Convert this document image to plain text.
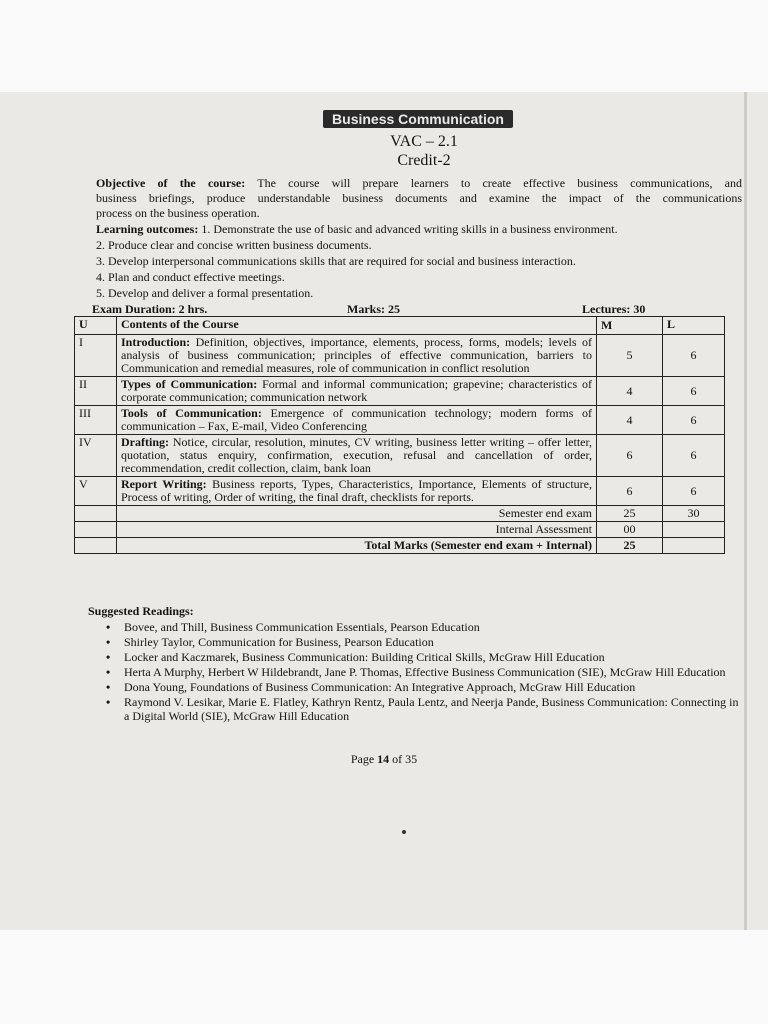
Business Communication
VAC – 2.1
Credit-2
Objective of the course: The course will prepare learners to create effective business communications, and
business briefings, produce understandable business documents and examine the impact of the communications
process on the business operation.
Learning outcomes: 1. Demonstrate the use of basic and advanced writing skills in a business environment.
2. Produce clear and concise written business documents.
3. Develop interpersonal communications skills that are required for social and business interaction.
4. Plan and conduct effective meetings.
5. Develop and deliver a formal presentation.
Exam Duration: 2 hrs.	Marks: 25	Lectures: 30
U	Contents of the Course	M	L
I	Introduction: Definition, objectives, importance, elements, process, forms, models; levels of analysis of business communication; principles of effective communication, barriers to Communication and remedial measures, role of communication in conflict resolution	5	6
II	Types of Communication: Formal and informal communication; grapevine; characteristics of corporate communication; communication network	4	6
III	Tools of Communication: Emergence of communication technology; modern forms of communication – Fax, E-mail, Video Conferencing	4	6
IV	Drafting: Notice, circular, resolution, minutes, CV writing, business letter writing – offer letter, quotation, status enquiry, confirmation, execution, refusal and cancellation of order, recommendation, credit collection, claim, bank loan	6	6
V	Report Writing: Business reports, Types, Characteristics, Importance, Elements of structure, Process of writing, Order of writing, the final draft, checklists for reports.	6	6
	Semester end exam	25	30
	Internal Assessment	00	
	Total Marks (Semester end exam + Internal)	25	
Suggested Readings:
• Bovee, and Thill, Business Communication Essentials, Pearson Education
• Shirley Taylor, Communication for Business, Pearson Education
• Locker and Kaczmarek, Business Communication: Building Critical Skills, McGraw Hill Education
• Herta A Murphy, Herbert W Hildebrandt, Jane P. Thomas, Effective Business Communication (SIE), McGraw Hill Education
• Dona Young, Foundations of Business Communication: An Integrative Approach, McGraw Hill Education
• Raymond V. Lesikar, Marie E. Flatley, Kathryn Rentz, Paula Lentz, and Neerja Pande, Business Communication: Connecting in a Digital World (SIE), McGraw Hill Education
Page 14 of 35
